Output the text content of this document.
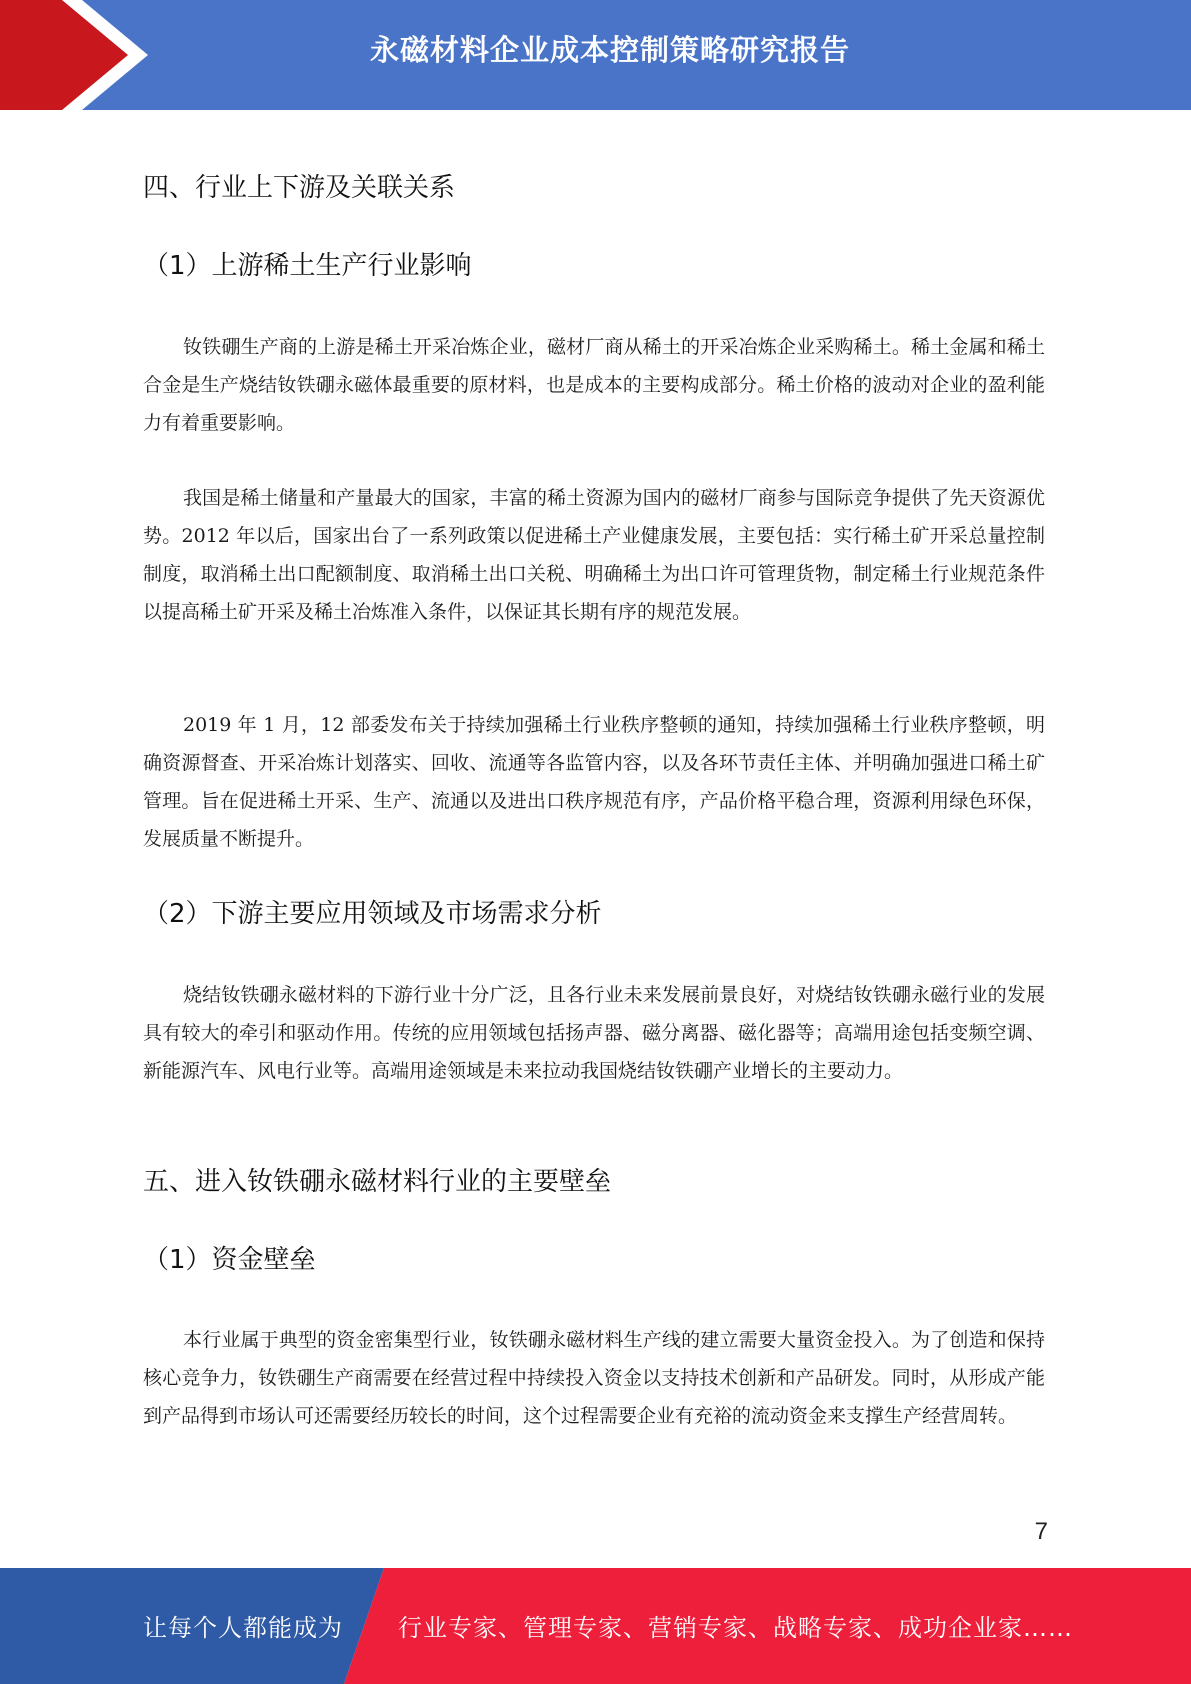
永磁材料企业成本控制策略研究报告
四、行业上下游及关联关系
（1）上游稀土生产行业影响

钕铁硼生产商的上游是稀土开采冶炼企业，磁材厂商从稀土的开采冶炼企业采购稀土。稀土金属和稀土合金是生产烧结钕铁硼永磁体最重要的原材料，也是成本的主要构成部分。稀土价格的波动对企业的盈利能力有着重要影响。

我国是稀土储量和产量最大的国家，丰富的稀土资源为国内的磁材厂商参与国际竞争提供了先天资源优势。2012 年以后，国家出台了一系列政策以促进稀土产业健康发展，主要包括：实行稀土矿开采总量控制制度，取消稀土出口配额制度、取消稀土出口关税、明确稀土为出口许可管理货物，制定稀土行业规范条件以提高稀土矿开采及稀土冶炼准入条件，以保证其长期有序的规范发展。

2019 年 1 月，12 部委发布关于持续加强稀土行业秩序整顿的通知，持续加强稀土行业秩序整顿，明确资源督查、开采冶炼计划落实、回收、流通等各监管内容，以及各环节责任主体、并明确加强进口稀土矿管理。旨在促进稀土开采、生产、流通以及进出口秩序规范有序，产品价格平稳合理，资源利用绿色环保，发展质量不断提升。

（2）下游主要应用领域及市场需求分析

烧结钕铁硼永磁材料的下游行业十分广泛，且各行业未来发展前景良好，对烧结钕铁硼永磁行业的发展具有较大的牵引和驱动作用。传统的应用领域包括扬声器、磁分离器、磁化器等；高端用途包括变频空调、新能源汽车、风电行业等。高端用途领域是未来拉动我国烧结钕铁硼产业增长的主要动力。

五、进入钕铁硼永磁材料行业的主要壁垒
（1）资金壁垒

本行业属于典型的资金密集型行业，钕铁硼永磁材料生产线的建立需要大量资金投入。为了创造和保持核心竞争力，钕铁硼生产商需要在经营过程中持续投入资金以支持技术创新和产品研发。同时，从形成产能到产品得到市场认可还需要经历较长的时间，这个过程需要企业有充裕的流动资金来支撑生产经营周转。

7
让每个人都能成为 行业专家、管理专家、营销专家、战略专家、成功企业家……
